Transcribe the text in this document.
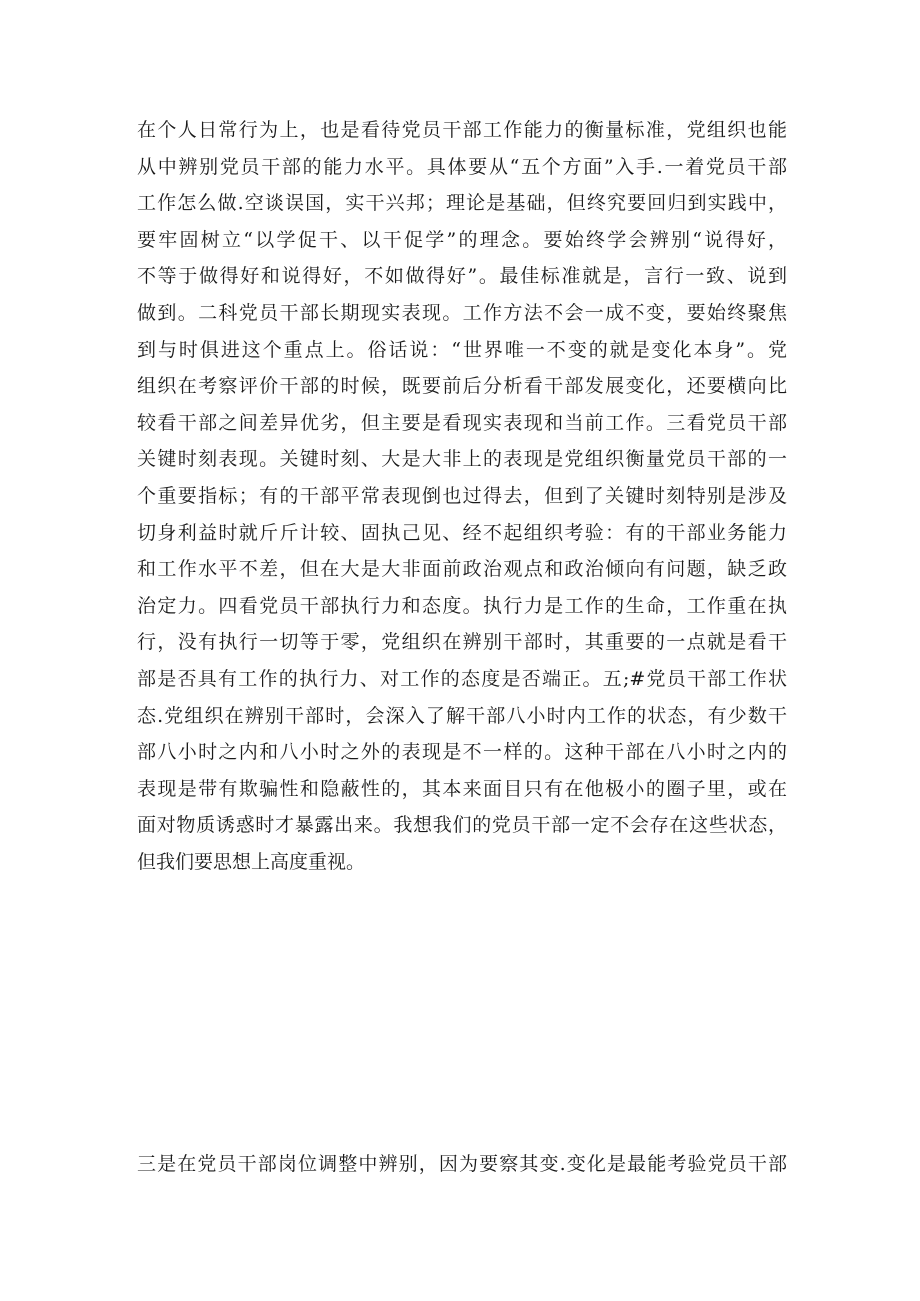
在个人日常行为上，也是看待党员干部工作能力的衡量标准，党组织也能
从中辨别党员干部的能力水平。具体要从“五个方面”入手.一着党员干部
工作怎么做.空谈误国，实干兴邦；理论是基础，但终究要回归到实践中，
要牢固树立“以学促干、以干促学”的理念。要始终学会辨别“说得好，
不等于做得好和说得好，不如做得好”。最佳标准就是，言行一致、说到
做到。二科党员干部长期现实表现。工作方法不会一成不变，要始终聚焦
到与时俱进这个重点上。俗话说：“世界唯一不变的就是变化本身”。党
组织在考察评价干部的时候，既要前后分析看干部发展变化，还要横向比
较看干部之间差异优劣，但主要是看现实表现和当前工作。三看党员干部
关键时刻表现。关键时刻、大是大非上的表现是党组织衡量党员干部的一
个重要指标；有的干部平常表现倒也过得去，但到了关键时刻特别是涉及
切身利益时就斤斤计较、固执己见、经不起组织考验：有的干部业务能力
和工作水平不差，但在大是大非面前政治观点和政治倾向有问题，缺乏政
治定力。四看党员干部执行力和态度。执行力是工作的生命，工作重在执
行，没有执行一切等于零，党组织在辨别干部时，其重要的一点就是看干
部是否具有工作的执行力、对工作的态度是否端正。五;#党员干部工作状
态.党组织在辨别干部时，会深入了解干部八小时内工作的状态，有少数干
部八小时之内和八小时之外的表现是不一样的。这种干部在八小时之内的
表现是带有欺骗性和隐蔽性的，其本来面目只有在他极小的圈子里，或在
面对物质诱惑时才暴露出来。我想我们的党员干部一定不会存在这些状态，
但我们要思想上高度重视。
三是在党员干部岗位调整中辨别，因为要察其变.变化是最能考验党员干部
